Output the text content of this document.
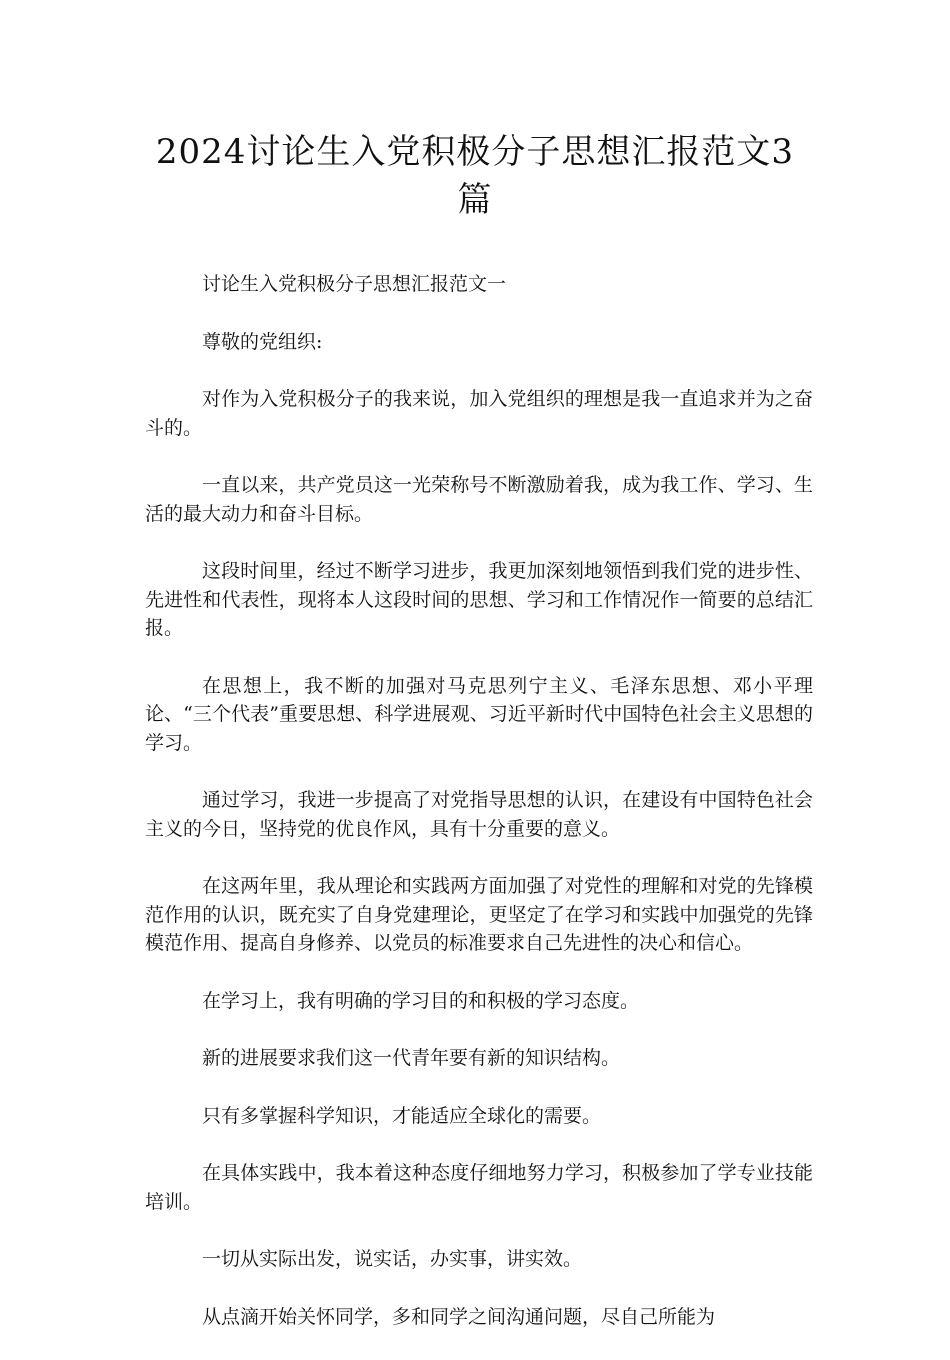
2024讨论生入党积极分子思想汇报范文3篇

讨论生入党积极分子思想汇报范文一

尊敬的党组织:

对作为入党积极分子的我来说，加入党组织的理想是我一直追求并为之奋斗的。

一直以来，共产党员这一光荣称号不断激励着我，成为我工作、学习、生活的最大动力和奋斗目标。

这段时间里，经过不断学习进步，我更加深刻地领悟到我们党的进步性、先进性和代表性，现将本人这段时间的思想、学习和工作情况作一简要的总结汇报。

在思想上，我不断的加强对马克思列宁主义、毛泽东思想、邓小平理论、“三个代表”重要思想、科学进展观、习近平新时代中国特色社会主义思想的学习。

通过学习，我进一步提高了对党指导思想的认识，在建设有中国特色社会主义的今日，坚持党的优良作风，具有十分重要的意义。

在这两年里，我从理论和实践两方面加强了对党性的理解和对党的先锋模范作用的认识，既充实了自身党建理论，更坚定了在学习和实践中加强党的先锋模范作用、提高自身修养、以党员的标准要求自己先进性的决心和信心。

在学习上，我有明确的学习目的和积极的学习态度。

新的进展要求我们这一代青年要有新的知识结构。

只有多掌握科学知识，才能适应全球化的需要。

在具体实践中，我本着这种态度仔细地努力学习，积极参加了学专业技能培训。

一切从实际出发，说实话，办实事，讲实效。

从点滴开始关怀同学，多和同学之间沟通问题，尽自己所能为
